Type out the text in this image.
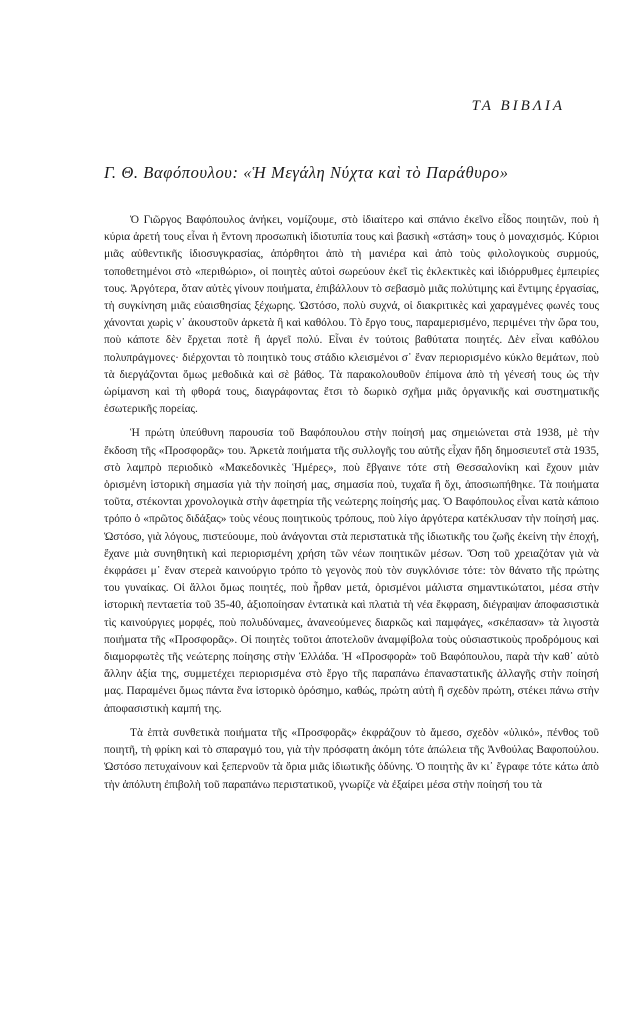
ΤΑ ΒΙΒΛΙΑ
Γ. Θ. Βαφόπουλου: «Ἡ Μεγάλη Νύχτα καὶ τὸ Παράθυρο»

Ὁ Γιῶργος Βαφόπουλος ἀνήκει, νομίζουμε, στὸ ἰδιαίτερο καὶ σπάνιο ἐκεῖνο εἶδος ποιητῶν, ποὺ ἡ κύρια ἀρετή τους εἶναι ἡ ἔντονη προσωπικὴ ἰδιοτυπία τους καὶ βασικὴ «στάση» τους ὁ μοναχισμός. Κύριοι μιᾶς αὐθεντικῆς ἰδιοσυγκρασίας, ἀπόρθητοι ἀπὸ τὴ μανιέρα καὶ ἀπὸ τοὺς φιλολογικοὺς συρμούς, τοποθετημένοι στὸ «περιθώριο», οἱ ποιητὲς αὐτοὶ σωρεύουν ἐκεῖ τὶς ἐκλεκτικὲς καὶ ἰδιόρρυθμες ἐμπειρίες τους. Ἀργότερα, ὅταν αὐτὲς γίνουν ποιήματα, ἐπιβάλλουν τὸ σεβασμὸ μιᾶς πολύτιμης καὶ ἔντιμης ἐργασίας, τὴ συγκίνηση μιᾶς εὐαισθησίας ξέχωρης. Ὡστόσο, πολὺ συχνά, οἱ διακριτικὲς καὶ χαραγμένες φωνές τους χάνονται χωρὶς ν᾽ ἀκουστοῦν ἀρκετὰ ἢ καὶ καθόλου. Τὸ ἔργο τους, παραμερισμένο, περιμένει τὴν ὥρα του, ποὺ κάποτε δὲν ἔρχεται ποτὲ ἢ ἀργεῖ πολύ. Εἶναι ἐν τούτοις βαθύτατα ποιητές. Δὲν εἶναι καθόλου πολυπράγμονες· διέρχονται τὸ ποιητικὸ τους στάδιο κλεισμένοι σ᾽ ἕναν περιορισμένο κύκλο θεμάτων, ποὺ τὰ διεργάζονται ὅμως μεθοδικὰ καὶ σὲ βάθος. Τὰ παρακολουθοῦν ἐπίμονα ἀπὸ τὴ γένεσή τους ὡς τὴν ὡρίμανση καὶ τὴ φθορά τους, διαγράφοντας ἔτσι τὸ δωρικὸ σχῆμα μιᾶς ὀργανικῆς καὶ συστηματικῆς ἐσωτερικῆς πορείας.

Ἡ πρώτη ὑπεύθυνη παρουσία τοῦ Βαφόπουλου στὴν ποίησή μας σημειώνεται στὰ 1938, μὲ τὴν ἔκδοση τῆς «Προσφορᾶς» του. Ἀρκετὰ ποιήματα τῆς συλλογῆς του αὐτῆς εἶχαν ἤδη δημοσιευτεῖ στὰ 1935, στὸ λαμπρὸ περιοδικὸ «Μακεδονικὲς Ἡμέρες», ποὺ ἔβγαινε τότε στὴ Θεσσαλονίκη καὶ ἔχουν μιὰν ὁρισμένη ἱστορικὴ σημασία γιὰ τὴν ποίησή μας, σημασία ποὺ, τυχαῖα ἢ ὄχι, ἀποσιωπήθηκε. Τὰ ποιήματα τοῦτα, στέκονται χρονολογικὰ στὴν ἀφετηρία τῆς νεώτερης ποίησής μας. Ὁ Βαφόπουλος εἶναι κατὰ κάποιο τρόπο ὁ «πρῶτος διδάξας» τοὺς νέους ποιητικοὺς τρόπους, ποὺ λίγο ἀργότερα κατέκλυσαν τὴν ποίησή μας. Ὡστόσο, γιὰ λόγους, πιστεύουμε, ποὺ ἀνάγονται στὰ περιστατικὰ τῆς ἰδιωτικῆς του ζωῆς ἐκείνη τὴν ἐποχή, ἔχανε μιὰ συνηθητικὴ καὶ περιορισμένη χρήση τῶν νέων ποιητικῶν μέσων. Ὅση τοῦ χρειαζόταν γιὰ νὰ ἐκφράσει μ᾽ ἕναν στερεὰ καινούργιο τρόπο τὸ γεγονὸς ποὺ τὸν συγκλόνισε τότε: τὸν θάνατο τῆς πρώτης του γυναίκας. Οἱ ἄλλοι ὅμως ποιητές, ποὺ ἦρθαν μετά, ὁρισμένοι μάλιστα σημαντικώτατοι, μέσα στὴν ἱστορικὴ πενταετία τοῦ 35-40, ἀξιοποίησαν ἐντατικὰ καὶ πλατιὰ τὴ νέα ἔκφραση, διέγραψαν ἀποφασιστικὰ τὶς καινούργιες μορφές, ποὺ πολυδύναμες, ἀνανεούμενες διαρκῶς καὶ παμφάγες, «σκέπασαν» τὰ λιγοστὰ ποιήματα τῆς «Προσφορᾶς». Οἱ ποιητὲς τοῦτοι ἀποτελοῦν ἀναμφίβολα τοὺς οὐσιαστικοὺς προδρόμους καὶ διαμορφωτὲς τῆς νεώτερης ποίησης στὴν Ἑλλάδα. Ἡ «Προσφορὰ» τοῦ Βαφόπουλου, παρὰ τὴν καθ᾽ αὐτὸ ἄλλην ἀξία της, συμμετέχει περιορισμένα στὸ ἔργο τῆς παραπάνω ἐπαναστατικῆς ἀλλαγῆς στὴν ποίησή μας. Παραμένει ὅμως πάντα ἕνα ἱστορικὸ ὁρόσημο, καθώς, πρώτη αὐτὴ ἢ σχεδὸν πρώτη, στέκει πάνω στὴν ἀποφασιστικὴ καμπή της.

Τὰ ἑπτὰ συνθετικὰ ποιήματα τῆς «Προσφορᾶς» ἐκφράζουν τὸ ἄμεσο, σχεδὸν «ὑλικό», πένθος τοῦ ποιητῆ, τὴ φρίκη καὶ τὸ σπαραγμό του, γιὰ τὴν πρόσφατη ἀκόμη τότε ἀπώλεια τῆς Ἀνθούλας Βαφοπούλου. Ὡστόσο πετυχαίνουν καὶ ξεπερνοῦν τὰ ὅρια μιᾶς ἰδιωτικῆς ὀδύνης. Ὁ ποιητὴς ἂν κι᾽ ἔγραφε τότε κάτω ἀπὸ τὴν ἀπόλυτη ἐπιβολὴ τοῦ παραπάνω περιστατικοῦ, γνωρίζε νὰ ἐξαίρει μέσα στὴν ποίησή του τὰ
